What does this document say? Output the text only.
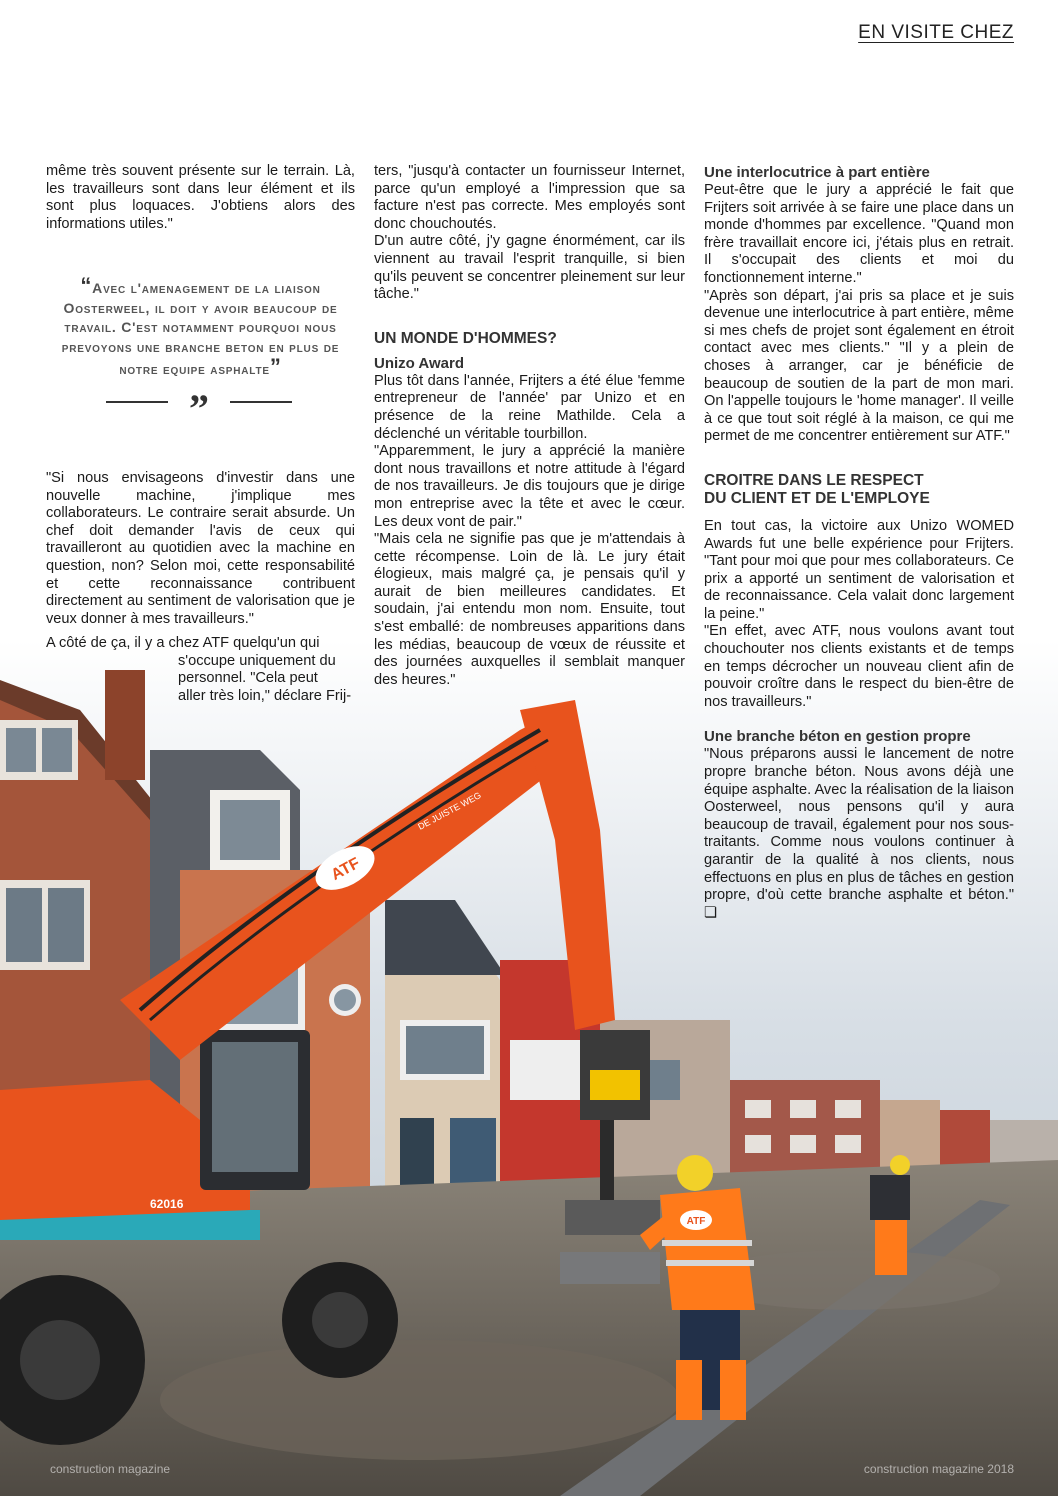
ATF
DE JUISTE WEG
62016
ATF
EN VISITE CHEZ

même très souvent présente sur le terrain. Là, les travailleurs sont dans leur élément et ils sont plus loquaces. J'obtiens alors des informations utiles."

“Avec l'amenagement de la liaison Oosterweel, il doit y avoir beaucoup de travail. C'est notamment pourquoi nous prevoyons une branche beton en plus de notre equipe asphalte”
”

"Si nous envisageons d'investir dans une nouvelle machine, j'implique mes collaborateurs. Le contraire serait absurde. Un chef doit demander l'avis de ceux qui travailleront au quotidien avec la machine en question, non? Selon moi, cette responsabilité et cette reconnaissance contribuent directement au sentiment de valorisation que je veux donner à mes travailleurs."

A côté de ça, il y a chez ATF quelqu'un qui
s'occupe uniquement du
personnel. "Cela peut
aller très loin," déclare Frij-

ters, "jusqu'à contacter un fournisseur Internet, parce qu'un employé a l'impression que sa facture n'est pas correcte. Mes employés sont donc chouchoutés.

D'un autre côté, j'y gagne énormément, car ils viennent au travail l'esprit tranquille, si bien qu'ils peuvent se concentrer pleinement sur leur tâche."

UN MONDE D'HOMMES?

Unizo Award

Plus tôt dans l'année, Frijters a été élue 'femme entrepreneur de l'année' par Unizo et en présence de la reine Mathilde. Cela a déclenché un véritable tourbillon.

"Apparemment, le jury a apprécié la manière dont nous travaillons et notre attitude à l'égard de nos travailleurs. Je dis toujours que je dirige mon entreprise avec la tête et avec le cœur. Les deux vont de pair."

"Mais cela ne signifie pas que je m'attendais à cette récompense. Loin de là. Le jury était élogieux, mais malgré ça, je pensais qu'il y aurait de bien meilleures candidates. Et soudain, j'ai entendu mon nom. Ensuite, tout s'est emballé: de nombreuses apparitions dans les médias, beaucoup de vœux de réussite et des journées auxquelles il semblait manquer des heures."

Une interlocutrice à part entière

Peut-être que le jury a apprécié le fait que Frijters soit arrivée à se faire une place dans un monde d'hommes par excellence. "Quand mon frère travaillait encore ici, j'étais plus en retrait. Il s'occupait des clients et moi du fonctionnement interne."

"Après son départ, j'ai pris sa place et je suis devenue une interlocutrice à part entière, même si mes chefs de projet sont également en étroit contact avec mes clients." "Il y a plein de choses à arranger, car je bénéficie de beaucoup de soutien de la part de mon mari. On l'appelle toujours le 'home manager'. Il veille à ce que tout soit réglé à la maison, ce qui me permet de me concentrer entièrement sur ATF."

CROITRE DANS LE RESPECT

DU CLIENT ET DE L'EMPLOYE

En tout cas, la victoire aux Unizo WOMED Awards fut une belle expérience pour Frijters. "Tant pour moi que pour mes collaborateurs. Ce prix a apporté un sentiment de valorisation et de reconnaissance. Cela valait donc largement la peine."

"En effet, avec ATF, nous voulons avant tout chouchouter nos clients existants et de temps en temps décrocher un nouveau client afin de pouvoir croître dans le respect du bien-être de nos travailleurs."

Une branche béton en gestion propre

"Nous préparons aussi le lancement de notre propre branche béton. Nous avons déjà une équipe asphalte. Avec la réalisation de la liaison Oosterweel, nous pensons qu'il y aura beaucoup de travail, également pour nos sous-traitants. Comme nous voulons continuer à garantir de la qualité à nos clients, nous effectuons en plus en plus de tâches en gestion propre, d'où cette branche asphalte et béton." ❏

construction magazine	construction magazine 2018
